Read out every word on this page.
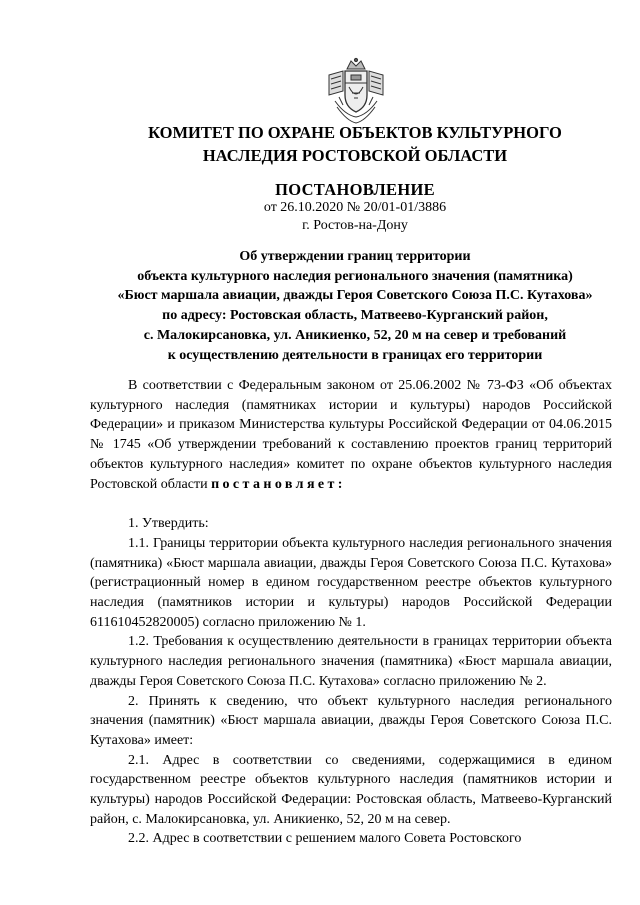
КОМИТЕТ ПО ОХРАНЕ ОБЪЕКТОВ КУЛЬТУРНОГО
НАСЛЕДИЯ РОСТОВСКОЙ ОБЛАСТИ
ПОСТАНОВЛЕНИЕ
от 26.10.2020 № 20/01-01/3886
г. Ростов-на-Дону
Об утверждении границ территории
объекта культурного наследия регионального значения (памятника)
«Бюст маршала авиации, дважды Героя Советского Союза П.С. Кутахова»
по адресу: Ростовская область, Матвеево-Курганский район,
с. Малокирсановка, ул. Аникиенко, 52, 20 м на север и требований
к осуществлению деятельности в границах его территории

В соответствии с Федеральным законом от 25.06.2002 № 73-ФЗ «Об объектах культурного наследия (памятниках истории и культуры) народов Российской Федерации» и приказом Министерства культуры Российской Федерации от 04.06.2015 № 1745 «Об утверждении требований к составлению проектов границ территорий объектов культурного наследия» комитет по охране объектов культурного наследия Ростовской области постановляет:

1. Утвердить:

1.1. Границы территории объекта культурного наследия регионального значения (памятника) «Бюст маршала авиации, дважды Героя Советского Союза П.С. Кутахова» (регистрационный номер в едином государственном реестре объектов культурного наследия (памятников истории и культуры) народов Российской Федерации 611610452820005) согласно приложению № 1.

1.2. Требования к осуществлению деятельности в границах территории объекта культурного наследия регионального значения (памятника) «Бюст маршала авиации, дважды Героя Советского Союза П.С. Кутахова» согласно приложению № 2.

2. Принять к сведению, что объект культурного наследия регионального значения (памятник) «Бюст маршала авиации, дважды Героя Советского Союза П.С. Кутахова» имеет:

2.1. Адрес в соответствии со сведениями, содержащимися в едином государственном реестре объектов культурного наследия (памятников истории и культуры) народов Российской Федерации: Ростовская область, Матвеево-Курганский район, с. Малокирсановка, ул. Аникиенко, 52, 20 м на север.

2.2. Адрес в соответствии с решением малого Совета Ростовского
